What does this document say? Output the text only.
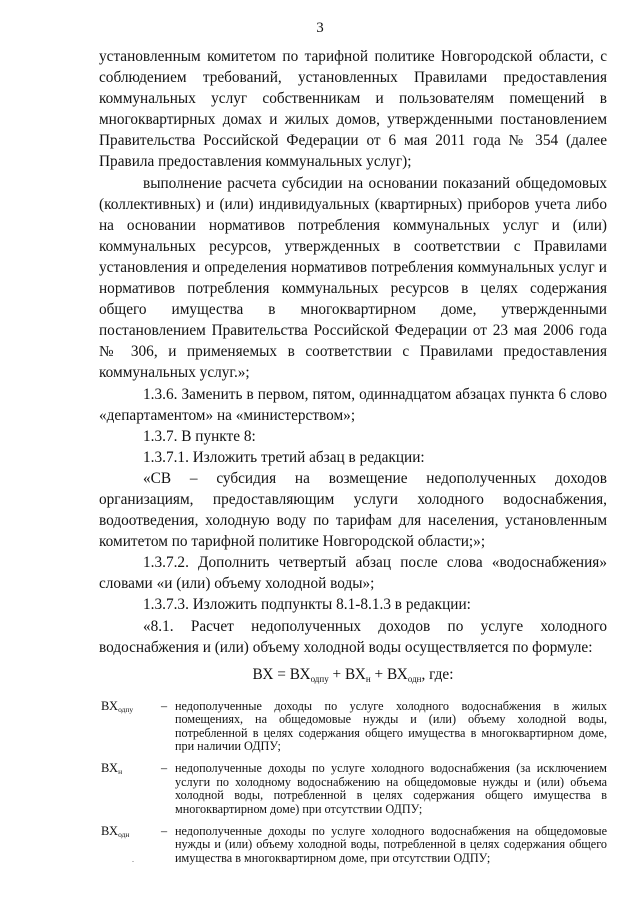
3

установленным комитетом по тарифной политике Новгородской области, с соблюдением требований, установленных Правилами предоставления коммунальных услуг собственникам и пользователям помещений в многоквартирных домах и жилых домов, утвержденными постановлением Правительства Российской Федерации от 6 мая 2011 года № 354 (далее Правила предоставления коммунальных услуг);

выполнение расчета субсидии на основании показаний общедомовых (коллективных) и (или) индивидуальных (квартирных) приборов учета либо на основании нормативов потребления коммунальных услуг и (или) коммунальных ресурсов, утвержденных в соответствии с Правилами установления и определения нормативов потребления коммунальных услуг и нормативов потребления коммунальных ресурсов в целях содержания общего имущества в многоквартирном доме, утвержденными постановлением Правительства Российской Федерации от 23 мая 2006 года № 306, и применяемых в соответствии с Правилами предоставления коммунальных услуг.»;

1.3.6. Заменить в первом, пятом, одиннадцатом абзацах пункта 6 слово «департаментом» на «министерством»;

1.3.7. В пункте 8:

1.3.7.1. Изложить третий абзац в редакции:

«СВ – субсидия на возмещение недополученных доходов организациям, предоставляющим услуги холодного водоснабжения, водоотведения, холодную воду по тарифам для населения, установленным комитетом по тарифной политике Новгородской области;»;

1.3.7.2. Дополнить четвертый абзац после слова «водоснабжения» словами «и (или) объему холодной воды»;

1.3.7.3. Изложить подпункты 8.1-8.1.3 в редакции:

«8.1. Расчет недополученных доходов по услуге холодного водоснабжения и (или) объему холодной воды осуществляется по формуле:

ВХ = $ВХ_{одпу} + ВХ_н + ВХ_{одн}$, где:
$ВХ_{одпу}$	– недополученные доходы по услуге холодного водоснабжения в жилых помещениях, на общедомовые нужды и (или) объему холодной воды, потребленной в целях содержания общего имущества в многоквартирном доме, при наличии ОДПУ;
$ВХ_н$	– недополученные доходы по услуге холодного водоснабжения (за исключением услуги по холодному водоснабжению на общедомовые нужды и (или) объема холодной воды, потребленной в целях содержания общего имущества в многоквартирном доме) при отсутствии ОДПУ;
$ВХ_{одн}$	– недополученные доходы по услуге холодного водоснабжения на общедомовые нужды и (или) объему холодной воды, потребленной в целях содержания общего имущества в многоквартирном доме, при отсутствии ОДПУ;
.
